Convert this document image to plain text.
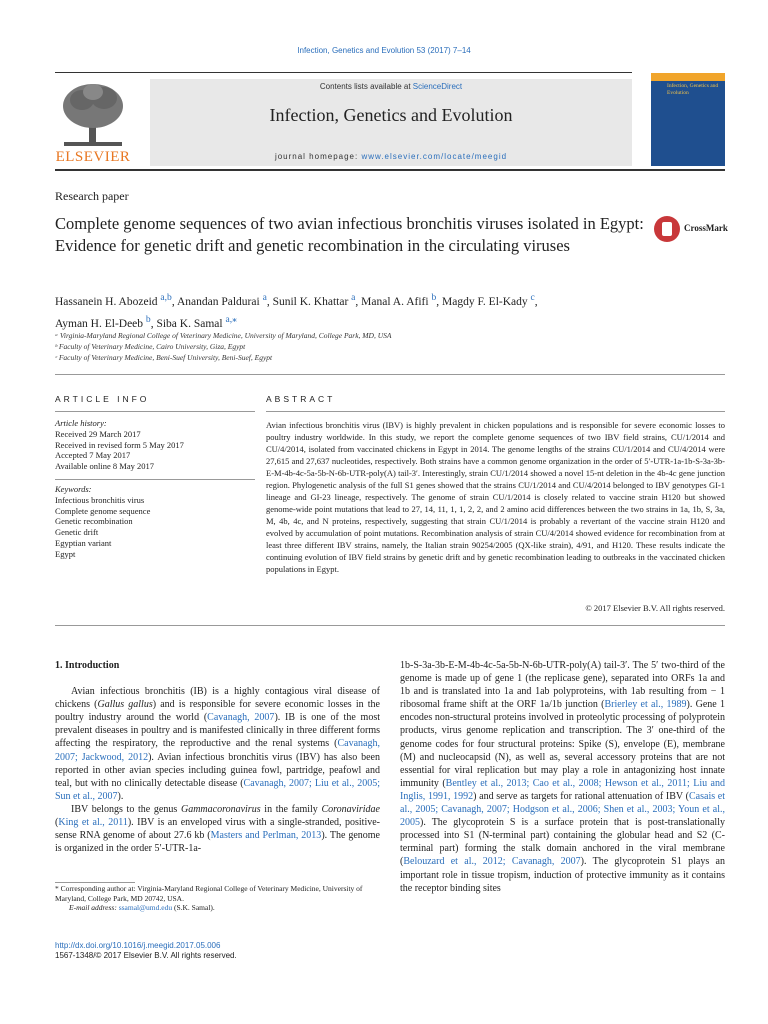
Infection, Genetics and Evolution 53 (2017) 7–14
ELSEVIER
Contents lists available at ScienceDirect
Infection, Genetics and Evolution
journal homepage: www.elsevier.com/locate/meegid
Infection, Genetics and Evolution
Research paper
Complete genome sequences of two avian infectious bronchitis viruses isolated in Egypt: Evidence for genetic drift and genetic recombination in the circulating viruses
CrossMark
Hassanein H. Abozeid $^{a,b}$, Anandan Paldurai $^a$, Sunil K. Khattar $^a$, Manal A. Afifi $^b$, Magdy F. El-Kady $^c$,
Ayman H. El-Deeb $^b$, Siba K. Samal $^{a,⁎}$
ᵃ Virginia-Maryland Regional College of Veterinary Medicine, University of Maryland, College Park, MD, USA
ᵇ Faculty of Veterinary Medicine, Cairo University, Giza, Egypt
ᶜ Faculty of Veterinary Medicine, Beni-Suef University, Beni-Suef, Egypt
ARTICLE INFO	ABSTRACT
Article history:
Received 29 March 2017
Received in revised form 5 May 2017
Accepted 7 May 2017
Available online 8 May 2017
Keywords:
Infectious bronchitis virus
Complete genome sequence
Genetic recombination
Genetic drift
Egyptian variant
Egypt
Avian infectious bronchitis virus (IBV) is highly prevalent in chicken populations and is responsible for severe economic losses to poultry industry worldwide. In this study, we report the complete genome sequences of two IBV field strains, CU/1/2014 and CU/4/2014, isolated from vaccinated chickens in Egypt in 2014. The genome lengths of the strains CU/1/2014 and CU/4/2014 were 27,615 and 27,637 nucleotides, respectively. Both strains have a common genome organization in the order of 5′-UTR-1a-1b-S-3a-3b-E-M-4b-4c-5a-5b-N-6b-UTR-poly(A) tail-3′. Interestingly, strain CU/1/2014 showed a novel 15-nt deletion in the 4b-4c gene junction region. Phylogenetic analysis of the full S1 genes showed that the strains CU/1/2014 and CU/4/2014 belonged to IBV genotypes GI-1 lineage and GI-23 lineage, respectively. The genome of strain CU/1/2014 is closely related to vaccine strain H120 but showed genome-wide point mutations that lead to 27, 14, 11, 1, 1, 2, 2, and 2 amino acid differences between the two strains in 1a, 1b, S, 3a, M, 4b, 4c, and N proteins, respectively, suggesting that strain CU/1/2014 is probably a revertant of the vaccine strain H120 and evolved by accumulation of point mutations. Recombination analysis of strain CU/4/2014 showed evidence for recombination from at least three different IBV strains, namely, the Italian strain 90254/2005 (QX-like strain), 4/91, and H120. These results indicate the continuing evolution of IBV field strains by genetic drift and by genetic recombination leading to outbreaks in the vaccinated chicken populations in Egypt.
© 2017 Elsevier B.V. All rights reserved.
1. Introduction

Avian infectious bronchitis (IB) is a highly contagious viral disease of chickens (Gallus gallus) and is responsible for severe economic losses in the poultry industry around the world (Cavanagh, 2007). IB is one of the most prevalent diseases in poultry and is manifested clinically in three different forms affecting the respiratory, the reproductive and the renal systems (Cavanagh, 2007; Jackwood, 2012). Avian infectious bronchitis virus (IBV) has also been reported in other avian species including guinea fowl, partridge, peafowl and teal, but with no clinically detectable disease (Cavanagh, 2007; Liu et al., 2005; Sun et al., 2007).

IBV belongs to the genus Gammacoronavirus in the family Coronaviridae (King et al., 2011). IBV is an enveloped virus with a single-stranded, positive-sense RNA genome of about 27.6 kb (Masters and Perlman, 2013). The genome is organized in the order 5′-UTR-1a-

1b-S-3a-3b-E-M-4b-4c-5a-5b-N-6b-UTR-poly(A) tail-3′. The 5′ two-third of the genome is made up of gene 1 (the replicase gene), separated into ORFs 1a and 1b and is translated into 1a and 1ab polyproteins, with 1ab resulting from − 1 ribosomal frame shift at the ORF 1a/1b junction (Brierley et al., 1989). Gene 1 encodes non-structural proteins involved in proteolytic processing of polyprotein products, virus genome replication and transcription. The 3′ one-third of the genome codes for four structural proteins: Spike (S), envelope (E), membrane (M) and nucleocapsid (N), as well as, several accessory proteins that are not essential for viral replication but may play a role in antagonizing host innate immunity (Bentley et al., 2013; Cao et al., 2008; Hewson et al., 2011; Liu and Inglis, 1991, 1992) and serve as targets for rational attenuation of IBV (Casais et al., 2005; Cavanagh, 2007; Hodgson et al., 2006; Shen et al., 2003; Youn et al., 2005). The glycoprotein S is a surface protein that is post-translationally processed into S1 (N-terminal part) containing the globular head and S2 (C-terminal part) forming the stalk domain anchored in the viral membrane (Belouzard et al., 2012; Cavanagh, 2007). The glycoprotein S1 plays an important role in tissue tropism, induction of protective immunity as it contains the receptor binding sites

* Corresponding author at: Virginia-Maryland Regional College of Veterinary Medicine, University of Maryland, College Park, MD 20742, USA.
E-mail address: ssamal@umd.edu (S.K. Samal).
http://dx.doi.org/10.1016/j.meegid.2017.05.006
1567-1348/© 2017 Elsevier B.V. All rights reserved.
